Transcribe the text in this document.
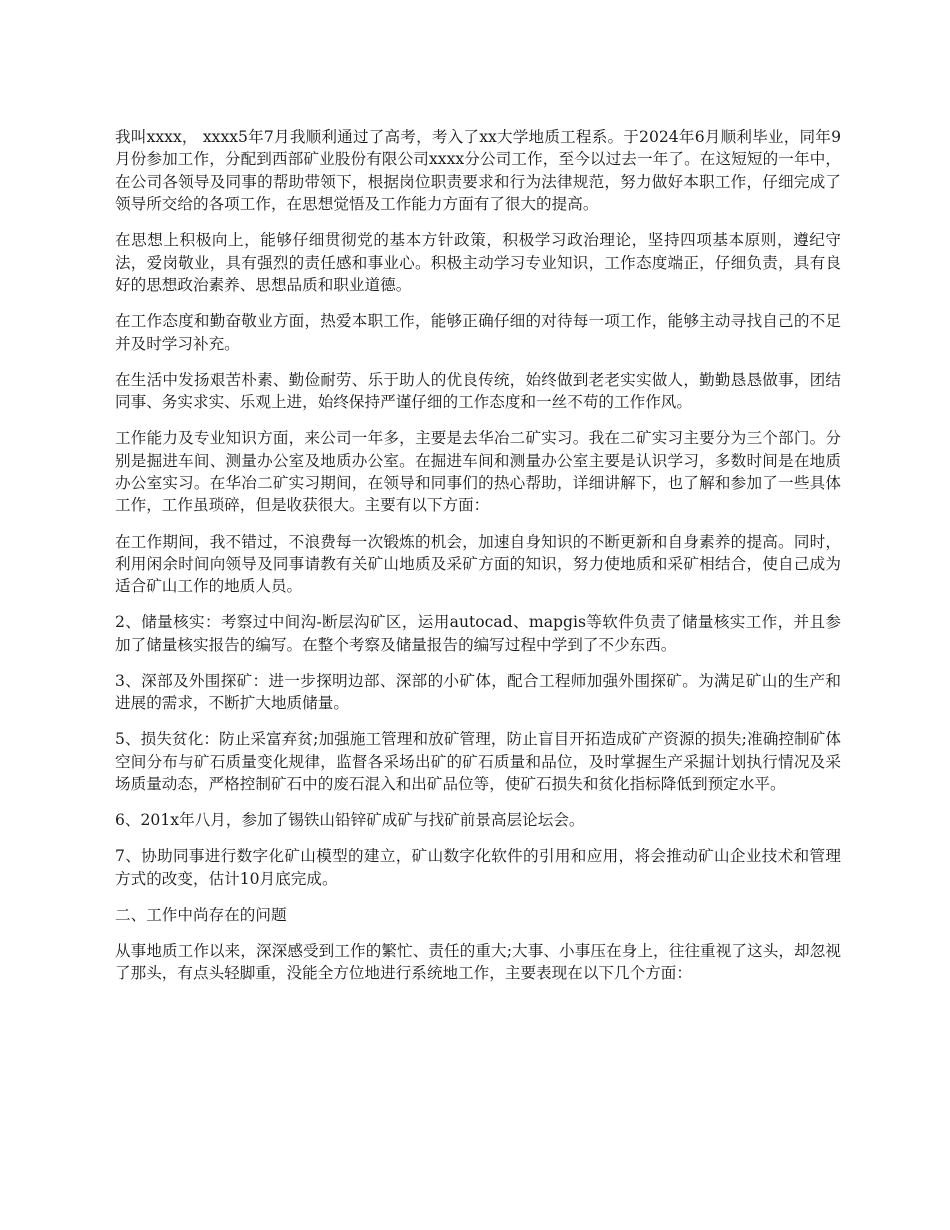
我叫xxxx， xxxx5年7月我顺利通过了高考，考入了xx大学地质工程系。于2024年6月顺利毕业，同年9月份参加工作，分配到西部矿业股份有限公司xxxx分公司工作，至今以过去一年了。在这短短的一年中，在公司各领导及同事的帮助带领下，根据岗位职责要求和行为法律规范，努力做好本职工作，仔细完成了领导所交给的各项工作，在思想觉悟及工作能力方面有了很大的提高。

在思想上积极向上，能够仔细贯彻党的基本方针政策，积极学习政治理论，坚持四项基本原则，遵纪守法，爱岗敬业，具有强烈的责任感和事业心。积极主动学习专业知识，工作态度端正，仔细负责，具有良好的思想政治素养、思想品质和职业道德。

在工作态度和勤奋敬业方面，热爱本职工作，能够正确仔细的对待每一项工作，能够主动寻找自己的不足并及时学习补充。

在生活中发扬艰苦朴素、勤俭耐劳、乐于助人的优良传统，始终做到老老实实做人，勤勤恳恳做事，团结同事、务实求实、乐观上进，始终保持严谨仔细的工作态度和一丝不苟的工作作风。

工作能力及专业知识方面，来公司一年多，主要是去华冶二矿实习。我在二矿实习主要分为三个部门。分别是掘进车间、测量办公室及地质办公室。在掘进车间和测量办公室主要是认识学习，多数时间是在地质办公室实习。在华冶二矿实习期间，在领导和同事们的热心帮助，详细讲解下，也了解和参加了一些具体工作，工作虽琐碎，但是收获很大。主要有以下方面：

在工作期间，我不错过，不浪费每一次锻炼的机会，加速自身知识的不断更新和自身素养的提高。同时，利用闲余时间向领导及同事请教有关矿山地质及采矿方面的知识，努力使地质和采矿相结合，使自己成为适合矿山工作的地质人员。

2、储量核实：考察过中间沟-断层沟矿区，运用autocad、mapgis等软件负责了储量核实工作，并且参加了储量核实报告的编写。在整个考察及储量报告的编写过程中学到了不少东西。

3、深部及外围探矿：进一步探明边部、深部的小矿体，配合工程师加强外围探矿。为满足矿山的生产和进展的需求，不断扩大地质储量。

5、损失贫化：防止采富弃贫;加强施工管理和放矿管理，防止盲目开拓造成矿产资源的损失;准确控制矿体空间分布与矿石质量变化规律，监督各采场出矿的矿石质量和品位，及时掌握生产采掘计划执行情况及采场质量动态，严格控制矿石中的废石混入和出矿品位等，使矿石损失和贫化指标降低到预定水平。

6、201x年八月，参加了锡铁山铅锌矿成矿与找矿前景高层论坛会。

7、协助同事进行数字化矿山模型的建立，矿山数字化软件的引用和应用，将会推动矿山企业技术和管理方式的改变，估计10月底完成。

二、工作中尚存在的问题

从事地质工作以来，深深感受到工作的繁忙、责任的重大;大事、小事压在身上，往往重视了这头，却忽视了那头，有点头轻脚重，没能全方位地进行系统地工作，主要表现在以下几个方面：
